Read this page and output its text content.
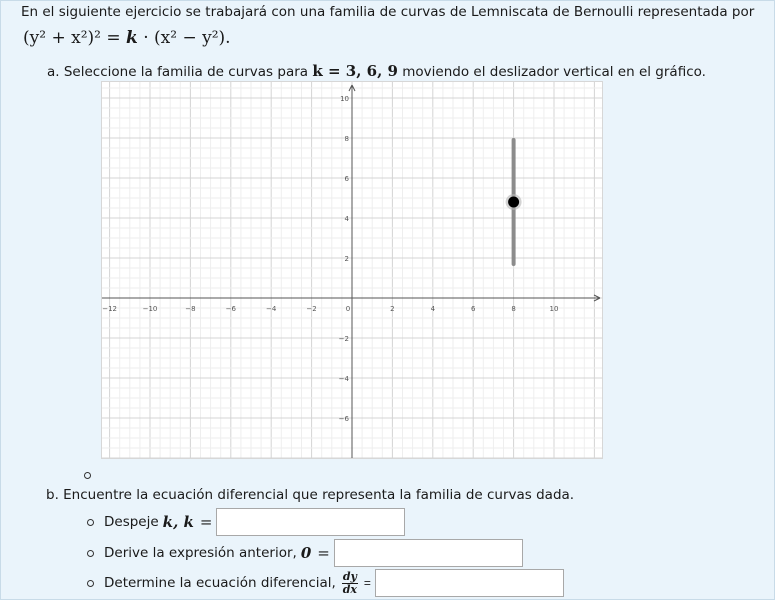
En el siguiente ejercicio se trabajará con una familia de curvas de Lemniscata de Bernoulli representada por
(y² + x²)² = k · (x² − y²).
a. Seleccione la familia de curvas para k = 3, 6, 9 moviendo el deslizador vertical en el gráfico.
−12	−10	−8	−6	−4	−2	0	2	4	6	8	10
10
8
6
4
2
−2
−4
−6
b. Encuentre la ecuación diferencial que representa la familia de curvas dada.
Despeje k, k =
Derive la expresión anterior, 0 =
Determine la ecuación diferencial, $\frac{dy}{dx}$ =
